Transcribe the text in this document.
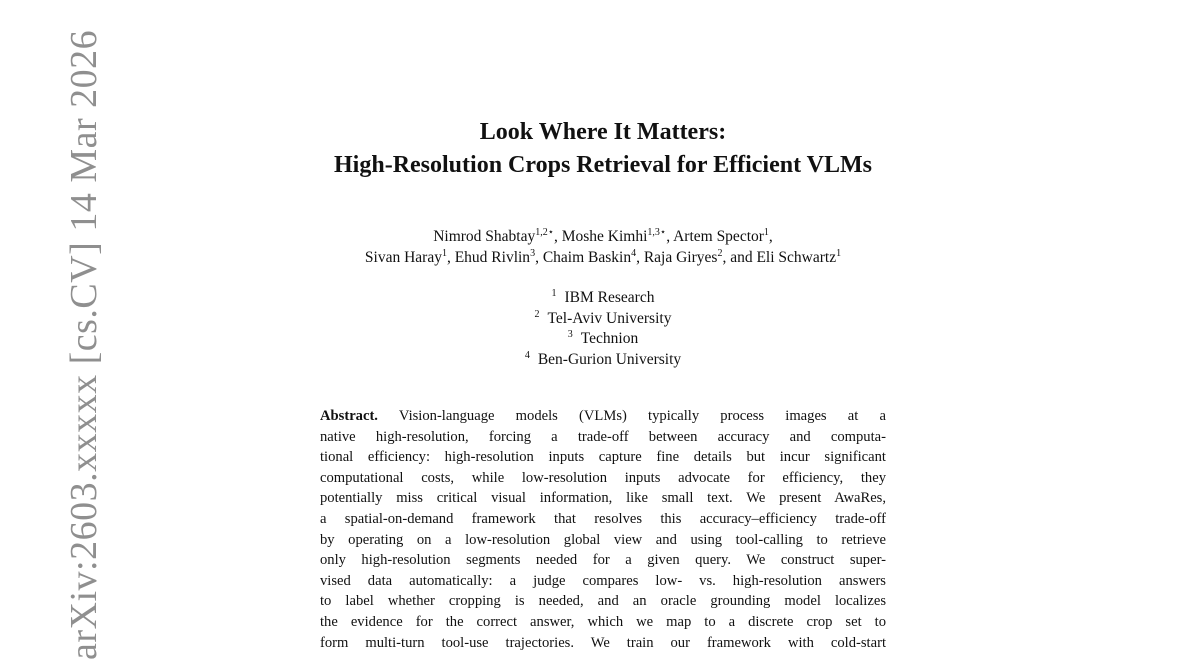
arXiv:2603.xxxxx [cs.CV] 14 Mar 2026	Look Where It Matters:
High-Resolution Crops Retrieval for Efficient VLMs
Nimrod Shabtay$^{1,2⋆}$, Moshe Kimhi$^{1,3⋆}$, Artem Spector$^1$,
Sivan Haray$^1$, Ehud Rivlin$^3$, Chaim Baskin$^4$, Raja Giryes$^2$, and Eli Schwartz$^1$
$^1$ IBM Research
$^2$ Tel-Aviv University
$^3$ Technion
$^4$ Ben-Gurion University
Abstract. Vision-language models (VLMs) typically process images at a
native high-resolution, forcing a trade-off between accuracy and computa-
tional efficiency: high-resolution inputs capture fine details but incur significant
computational costs, while low-resolution inputs advocate for efficiency, they
potentially miss critical visual information, like small text. We present AwaRes,
a spatial-on-demand framework that resolves this accuracy–efficiency trade-off
by operating on a low-resolution global view and using tool-calling to retrieve
only high-resolution segments needed for a given query. We construct super-
vised data automatically: a judge compares low- vs. high-resolution answers
to label whether cropping is needed, and an oracle grounding model localizes
the evidence for the correct answer, which we map to a discrete crop set to
form multi-turn tool-use trajectories. We train our framework with cold-start
